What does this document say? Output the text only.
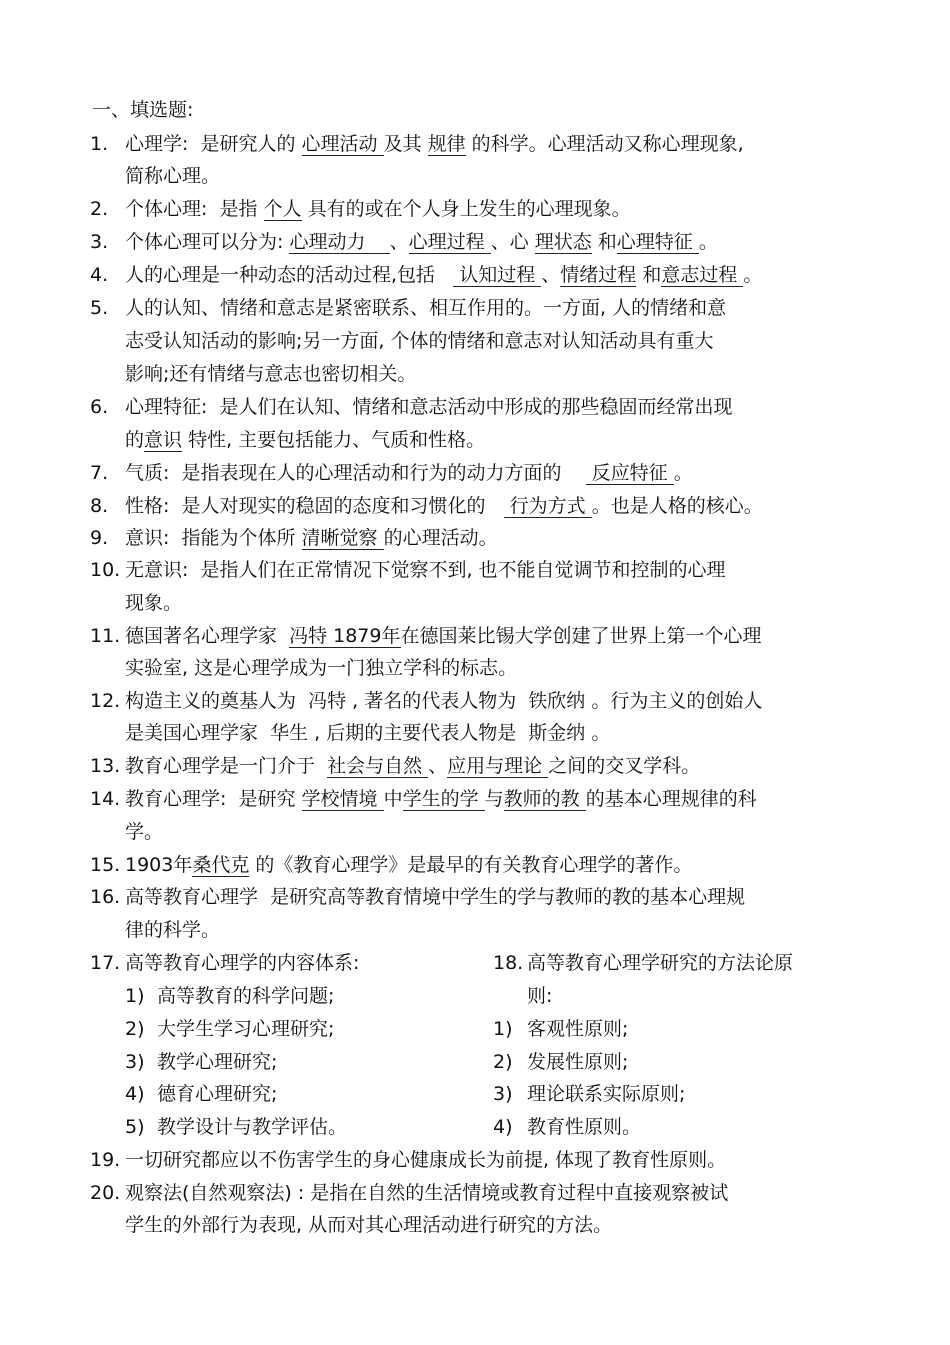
一、填选题:
1. 心理学:  是研究人的 心理活动 及其 规律 的科学。心理活动又称心理现象,
简称心理。
2. 个体心理:  是指 个人 具有的或在个人身上发生的心理现象。
3. 个体心理可以分为: 心理动力    、心理过程 、心 理状态 和心理特征 。
4. 人的心理是一种动态的活动过程,包括    认知过程 、情绪过程 和意志过程 。
5. 人的认知、情绪和意志是紧密联系、相互作用的。一方面, 人的情绪和意
志受认知活动的影响;另一方面, 个体的情绪和意志对认知活动具有重大
影响;还有情绪与意志也密切相关。
6. 心理特征:  是人们在认知、情绪和意志活动中形成的那些稳固而经常出现
的意识 特性, 主要包括能力、气质和性格。
7. 气质:  是指表现在人的心理活动和行为的动力方面的     反应特征 。
8. 性格:  是人对现实的稳固的态度和习惯化的    行为方式 。也是人格的核心。
9. 意识:  指能为个体所 清晰觉察 的心理活动。
10. 无意识:  是指人们在正常情况下觉察不到, 也不能自觉调节和控制的心理
现象。
11. 德国著名心理学家  冯特 1879年在德国莱比锡大学创建了世界上第一个心理
实验室, 这是心理学成为一门独立学科的标志。
12. 构造主义的奠基人为  冯特 , 著名的代表人物为  铁欣纳 。行为主义的创始人
是美国心理学家  华生 , 后期的主要代表人物是  斯金纳 。
13. 教育心理学是一门介于  社会与自然 、应用与理论 之间的交叉学科。
14. 教育心理学:  是研究 学校情境 中学生的学 与教师的教 的基本心理规律的科
学。
15. 1903年桑代克 的《教育心理学》是最早的有关教育心理学的著作。
16. 高等教育心理学  是研究高等教育情境中学生的学与教师的教的基本心理规
律的科学。
17. 高等教育心理学的内容体系:
1) 高等教育的科学问题;
2) 大学生学习心理研究;
3) 教学心理研究;
4) 德育心理研究;
5) 教学设计与教学评估。
18. 高等教育心理学研究的方法论原
则:
1) 客观性原则;
2) 发展性原则;
3) 理论联系实际原则;
4) 教育性原则。
19. 一切研究都应以不伤害学生的身心健康成长为前提, 体现了教育性原则。
20. 观察法(自然观察法) : 是指在自然的生活情境或教育过程中直接观察被试
学生的外部行为表现, 从而对其心理活动进行研究的方法。
